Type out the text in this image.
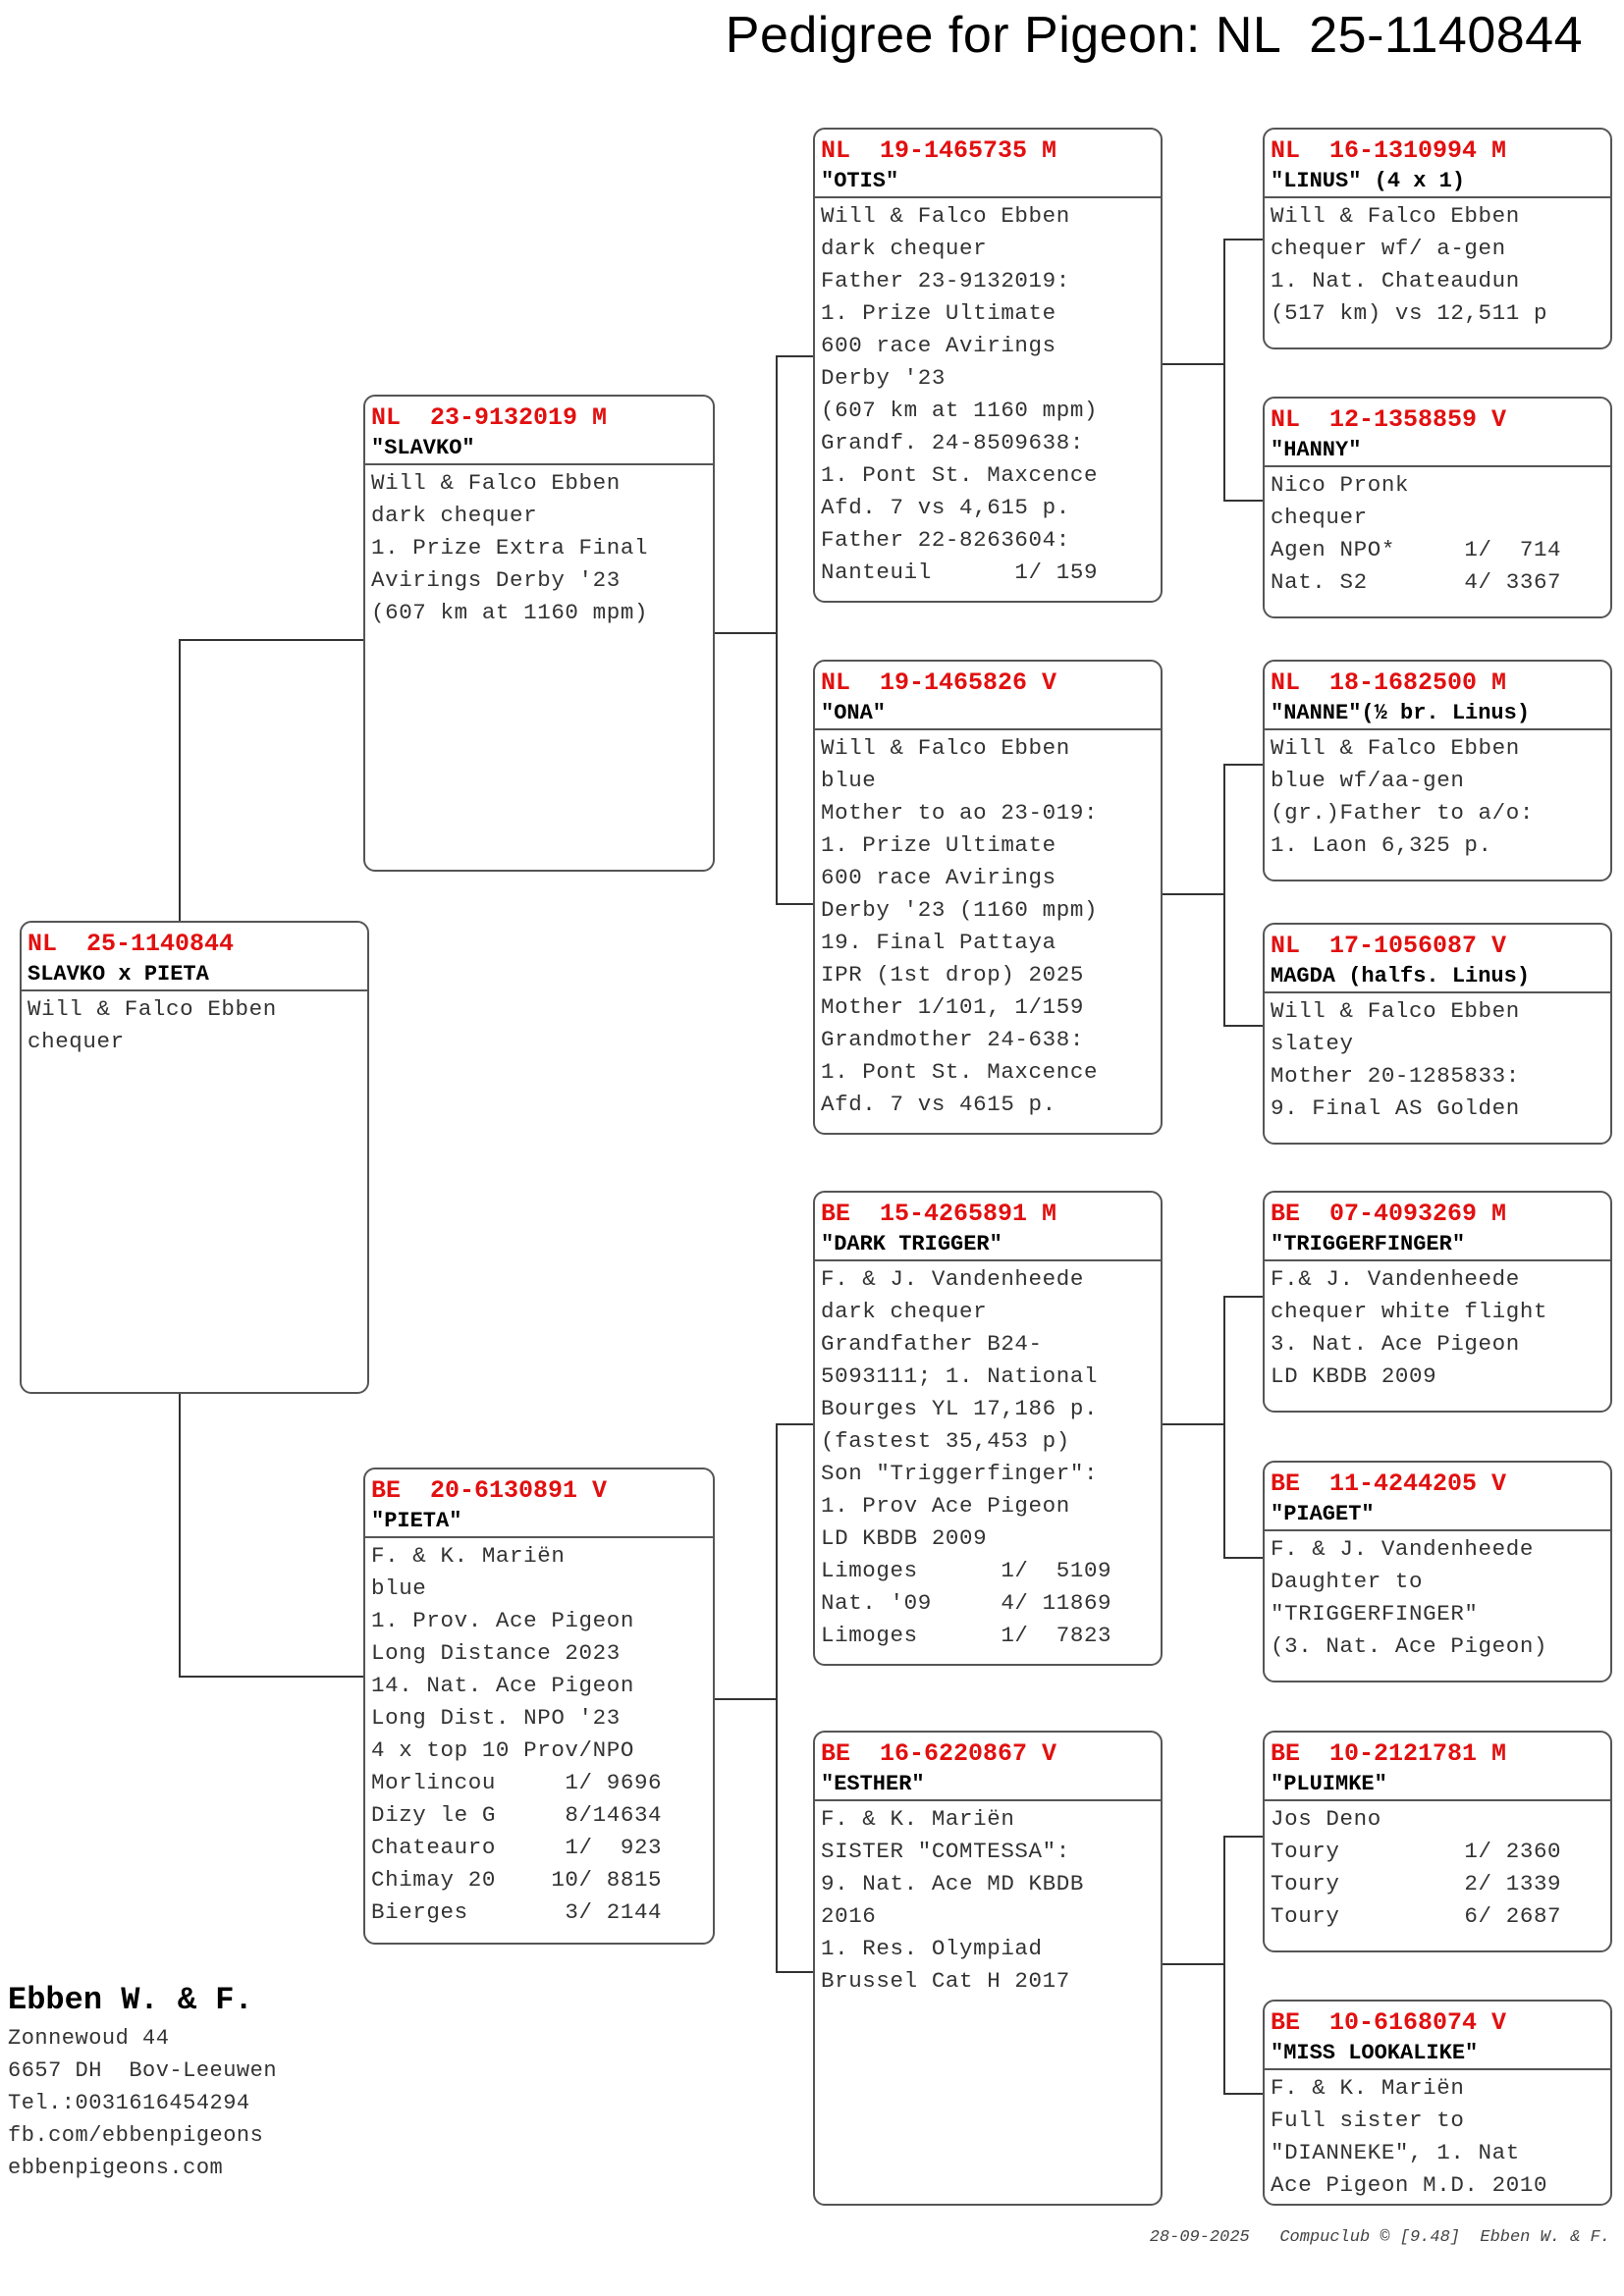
Pedigree for Pigeon: NL  25-1140844
NL  25-1140844
SLAVKO x PIETA
Will & Falco Ebben
chequer
NL  23-9132019 M
"SLAVKO"
Will & Falco Ebben
dark chequer
1. Prize Extra Final
Avirings Derby '23
(607 km at 1160 mpm)
BE  20-6130891 V
"PIETA"
F. & K. Mariën
blue
1. Prov. Ace Pigeon
Long Distance 2023
14. Nat. Ace Pigeon
Long Dist. NPO '23
4 x top 10 Prov/NPO
Morlincou     1/ 9696
Dizy le G     8/14634
Chateauro     1/  923
Chimay 20    10/ 8815
Bierges       3/ 2144
NL  19-1465735 M
"OTIS"
Will & Falco Ebben
dark chequer
Father 23-9132019:
1. Prize Ultimate
600 race Avirings
Derby '23
(607 km at 1160 mpm)
Grandf. 24-8509638:
1. Pont St. Maxcence
Afd. 7 vs 4,615 p.
Father 22-8263604:
Nanteuil      1/ 159
NL  19-1465826 V
"ONA"
Will & Falco Ebben
blue
Mother to ao 23-019:
1. Prize Ultimate
600 race Avirings
Derby '23 (1160 mpm)
19. Final Pattaya
IPR (1st drop) 2025
Mother 1/101, 1/159
Grandmother 24-638:
1. Pont St. Maxcence
Afd. 7 vs 4615 p.
BE  15-4265891 M
"DARK TRIGGER"
F. & J. Vandenheede
dark chequer
Grandfather B24-
5093111; 1. National
Bourges YL 17,186 p.
(fastest 35,453 p)
Son "Triggerfinger":
1. Prov Ace Pigeon
LD KBDB 2009
Limoges      1/  5109
Nat. '09     4/ 11869
Limoges      1/  7823
BE  16-6220867 V
"ESTHER"
F. & K. Mariën
SISTER "COMTESSA":
9. Nat. Ace MD KBDB
2016
1. Res. Olympiad
Brussel Cat H 2017
NL  16-1310994 M
"LINUS" (4 x 1)
Will & Falco Ebben
chequer wf/ a-gen
1. Nat. Chateaudun
(517 km) vs 12,511 p
NL  12-1358859 V
"HANNY"
Nico Pronk
chequer
Agen NPO*     1/  714
Nat. S2       4/ 3367
NL  18-1682500 M
"NANNE"(½ br. Linus)
Will & Falco Ebben
blue wf/aa-gen
(gr.)Father to a/o:
1. Laon 6,325 p.
NL  17-1056087 V
MAGDA (halfs. Linus)
Will & Falco Ebben
slatey
Mother 20-1285833:
9. Final AS Golden
BE  07-4093269 M
"TRIGGERFINGER"
F.& J. Vandenheede
chequer white flight
3. Nat. Ace Pigeon
LD KBDB 2009
BE  11-4244205 V
"PIAGET"
F. & J. Vandenheede
Daughter to
"TRIGGERFINGER"
(3. Nat. Ace Pigeon)
BE  10-2121781 M
"PLUIMKE"
Jos Deno
Toury         1/ 2360
Toury         2/ 1339
Toury         6/ 2687
BE  10-6168074 V
"MISS LOOKALIKE"
F. & K. Mariën
Full sister to
"DIANNEKE", 1. Nat
Ace Pigeon M.D. 2010
Ebben W. & F.
Zonnewoud 44
6657 DH  Bov-Leeuwen
Tel.:0031616454294
fb.com/ebbenpigeons
ebbenpigeons.com
28-09-2025   Compuclub © [9.48]  Ebben W. & F.
